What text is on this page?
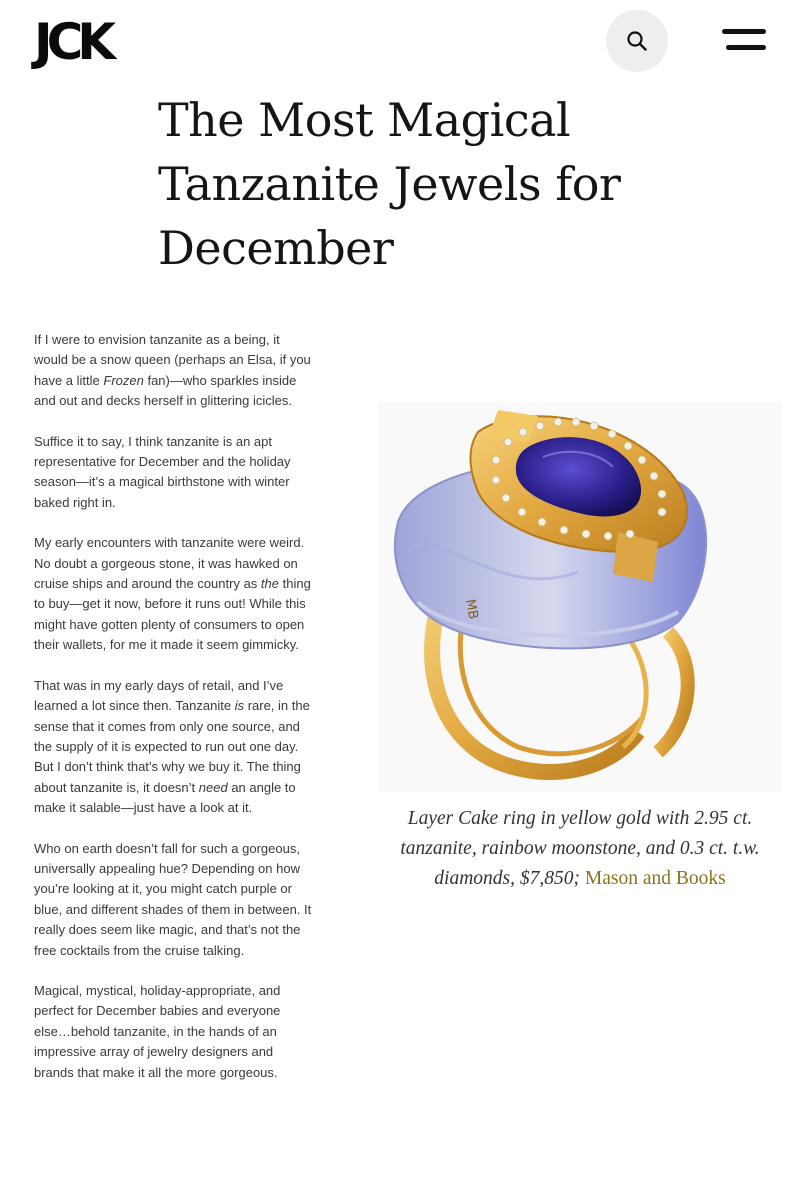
JCK
The Most Magical Tanzanite Jewels for December

If I were to envision tanzanite as a being, it would be a snow queen (perhaps an Elsa, if you have a little Frozen fan)—who sparkles inside and out and decks herself in glittering icicles.

Suffice it to say, I think tanzanite is an apt representative for December and the holiday season—it’s a magical birthstone with winter baked right in.

My early encounters with tanzanite were weird. No doubt a gorgeous stone, it was hawked on cruise ships and around the country as the thing to buy—get it now, before it runs out! While this might have gotten plenty of consumers to open their wallets, for me it made it seem gimmicky.

That was in my early days of retail, and I’ve learned a lot since then. Tanzanite is rare, in the sense that it comes from only one source, and the supply of it is expected to run out one day. But I don’t think that’s why we buy it. The thing about tanzanite is, it doesn’t need an angle to make it salable—just have a look at it.

Who on earth doesn’t fall for such a gorgeous, universally appealing hue? Depending on how you’re looking at it, you might catch purple or blue, and different shades of them in between. It really does seem like magic, and that’s not the free cocktails from the cruise talking.

Magical, mystical, holiday-appropriate, and perfect for December babies and everyone else…behold tanzanite, in the hands of an impressive array of jewelry designers and brands that make it all the more gorgeous.

MB
Layer Cake ring in yellow gold with 2.95 ct. tanzanite, rainbow moonstone, and 0.3 ct. t.w. diamonds, $7,850; Mason and Books
